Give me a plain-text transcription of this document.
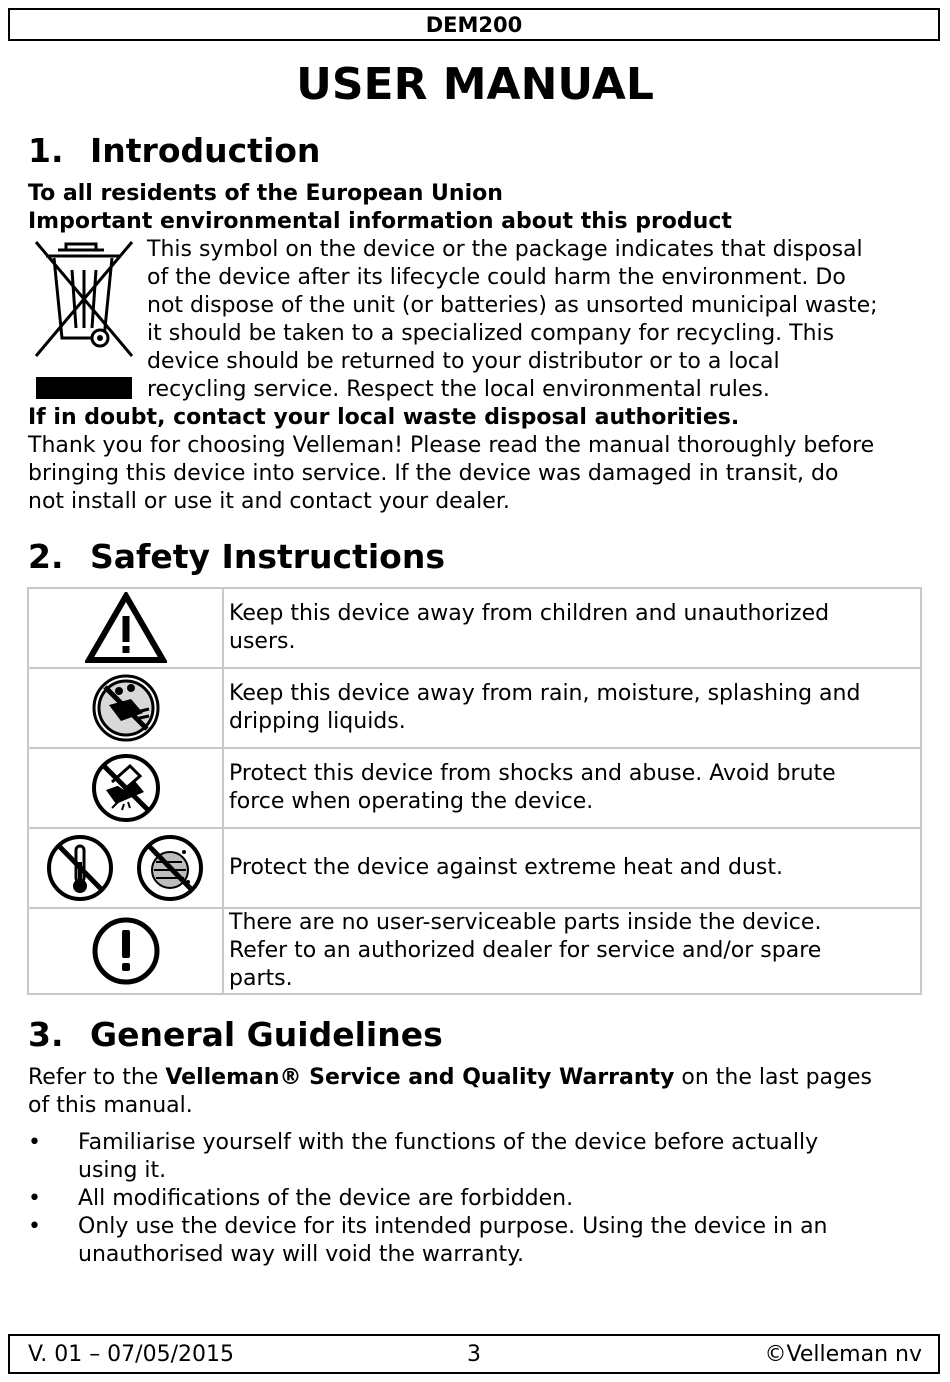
DEM200
USER MANUAL
1. Introduction
To all residents of the European Union
Important environmental information about this product
This symbol on the device or the package indicates that disposal
of the device after its lifecycle could harm the environment. Do
not dispose of the unit (or batteries) as unsorted municipal waste;
it should be taken to a specialized company for recycling. This
device should be returned to your distributor or to a local
recycling service. Respect the local environmental rules.
If in doubt, contact your local waste disposal authorities.
Thank you for choosing Velleman! Please read the manual thoroughly before
bringing this device into service. If the device was damaged in transit, do
not install or use it and contact your dealer.
2. Safety Instructions

Keep this device away from children and unauthorized
users.

Keep this device away from rain, moisture, splashing and
dripping liquids.

Protect this device from shocks and abuse. Avoid brute
force when operating the device.

Protect the device against extreme heat and dust.

There are no user-serviceable parts inside the device.
Refer to an authorized dealer for service and/or spare
parts.
3. General Guidelines
Refer to the Velleman® Service and Quality Warranty on the last pages
of this manual.
• Familiarise yourself with the functions of the device before actually
using it.
• All modifications of the device are forbidden.
• Only use the device for its intended purpose. Using the device in an
unauthorised way will void the warranty.
3
V. 01 – 07/05/2015	©Velleman nv
